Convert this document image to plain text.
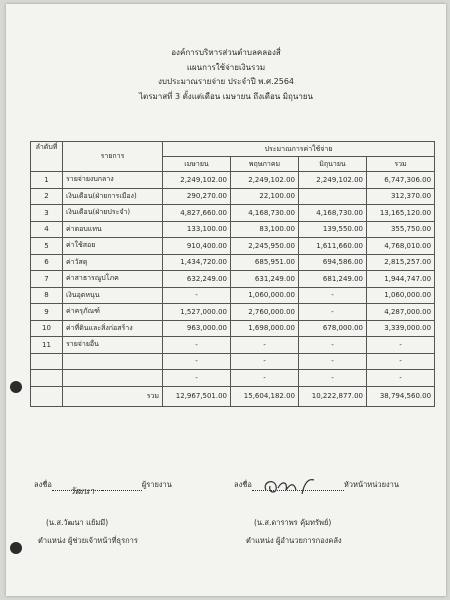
องค์การบริหารส่วนตำบลคลองสี่
แผนการใช้จ่ายเงินรวม
งบประมาณรายจ่าย ประจำปี พ.ศ.2564
ไตรมาสที่ 3 ตั้งแต่เดือน เมษายน ถึงเดือน มิถุนายน
ลำดับที่	รายการ	ประมาณการค่าใช้จ่าย			
		เมษายน	พฤษภาคม	มิถุนายน	รวม
1	รายจ่ายงบกลาง	2,249,102.00	2,249,102.00	2,249,102.00	6,747,306.00
2	เงินเดือน(ฝ่ายการเมือง)	290,270.00	22,100.00		312,370.00
3	เงินเดือน(ฝ่ายประจำ)	4,827,660.00	4,168,730.00	4,168,730.00	13,165,120.00
4	ค่าตอบแทน	133,100.00	83,100.00	139,550.00	355,750.00
5	ค่าใช้สอย	910,400.00	2,245,950.00	1,611,660.00	4,768,010.00
6	ค่าวัสดุ	1,434,720.00	685,951.00	694,586.00	2,815,257.00
7	ค่าสาธารณูปโภค	632,249.00	631,249.00	681,249.00	1,944,747.00
8	เงินอุดหนุน	-	1,060,000.00	-	1,060,000.00
9	ค่าครุภัณฑ์	1,527,000.00	2,760,000.00	-	4,287,000.00
10	ค่าที่ดินและสิ่งก่อสร้าง	963,000.00	1,698,000.00	678,000.00	3,339,000.00
11	รายจ่ายอื่น	-	-	-	-
		-	-	-	-
		-	-	-	-
	รวม	12,967,501.00	15,604,182.00	10,222,877.00	38,794,560.00
ลงชื่อ
วัฒนา
ผู้รายงาน
(น.ส.วัฒนา แย้มมี)
ตำแหน่ง ผู้ช่วยเจ้าหน้าที่ธุรการ
ลงชื่อ	หัวหน้าหน่วยงาน
(น.ส.ดาราพร คุ้มทรัพย์)
ตำแหน่ง ผู้อำนวยการกองคลัง
